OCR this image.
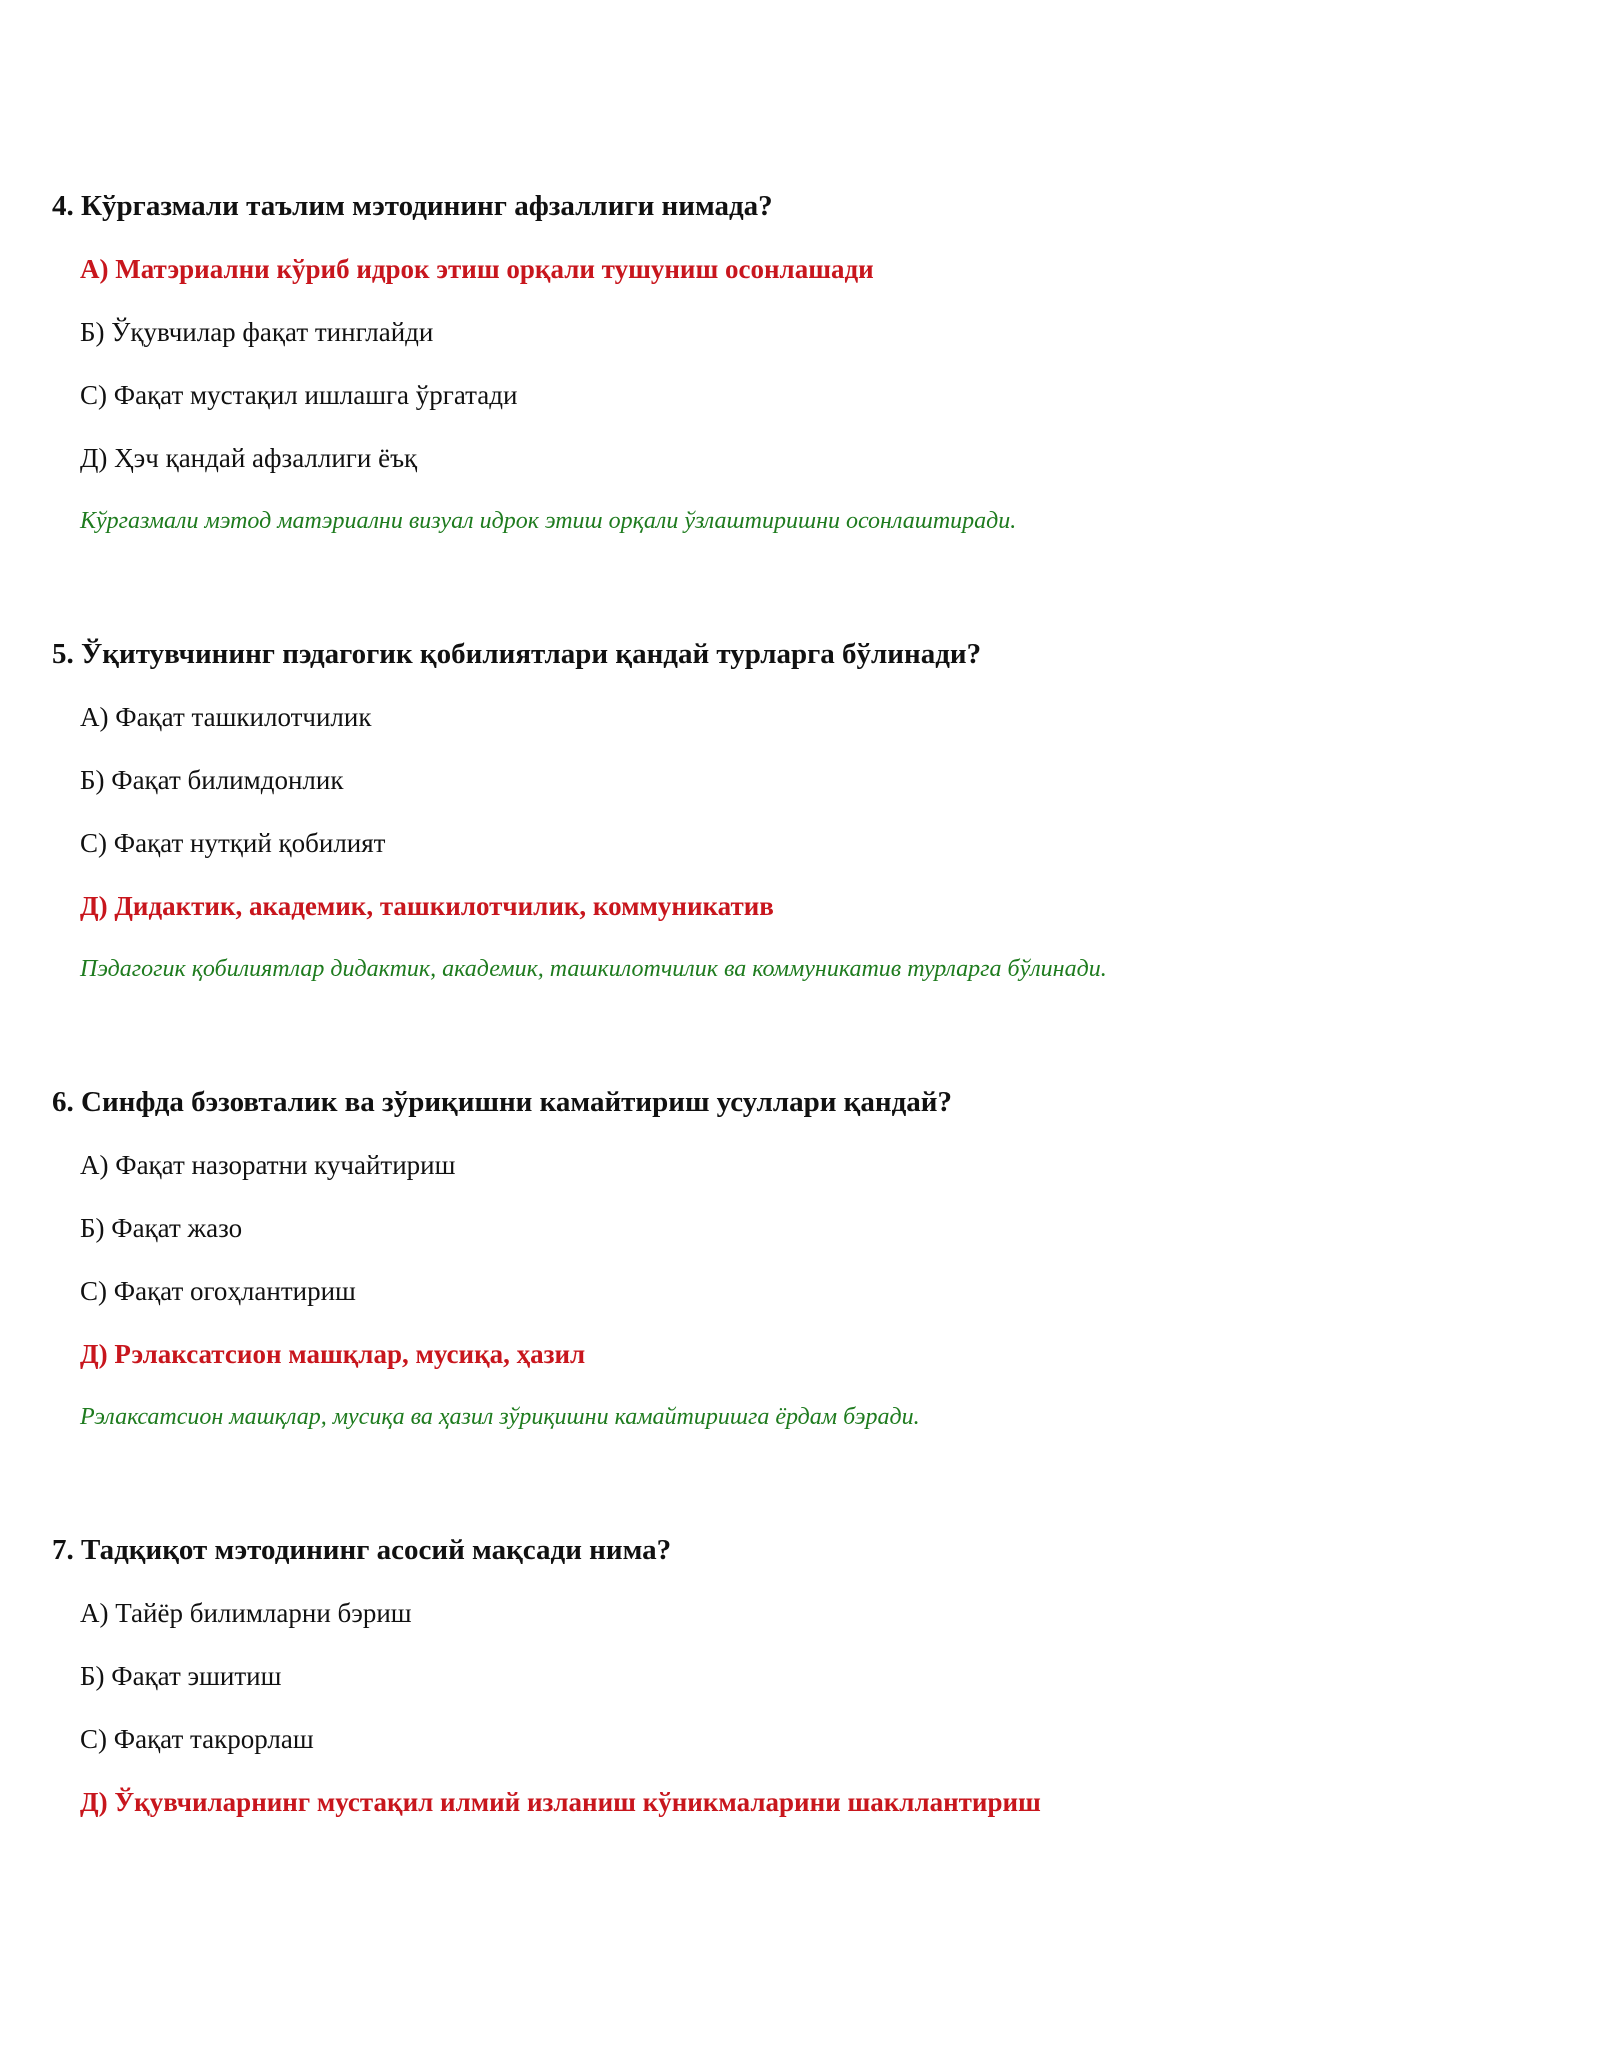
4. Кўргазмали таълим мэтодининг афзаллиги нимада?

А) Матэриални кўриб идрок этиш орқали тушуниш осонлашади

Б) Ўқувчилар фақат тинглайди

С) Фақат мустақил ишлашга ўргатади

Д) Ҳэч қандай афзаллиги ёъқ

Кўргазмали мэтод матэриални визуал идрок этиш орқали ўзлаштиришни осонлаштиради.

5. Ўқитувчининг пэдагогик қобилиятлари қандай турларга бўлинади?

А) Фақат ташкилотчилик

Б) Фақат билимдонлик

С) Фақат нутқий қобилият

Д) Дидактик, академик, ташкилотчилик, коммуникатив

Пэдагогик қобилиятлар дидактик, академик, ташкилотчилик ва коммуникатив турларга бўлинади.

6. Синфда бэзовталик ва зўриқишни камайтириш усуллари қандай?

А) Фақат назоратни кучайтириш

Б) Фақат жазо

С) Фақат огоҳлантириш

Д) Рэлаксатсион машқлар, мусиқа, ҳазил

Рэлаксатсион машқлар, мусиқа ва ҳазил зўриқишни камайтиришга ёрдам бэради.

7. Тадқиқот мэтодининг асосий мақсади нима?

А) Тайёр билимларни бэриш

Б) Фақат эшитиш

С) Фақат такрорлаш

Д) Ўқувчиларнинг мустақил илмий изланиш кўникмаларини шакллантириш
